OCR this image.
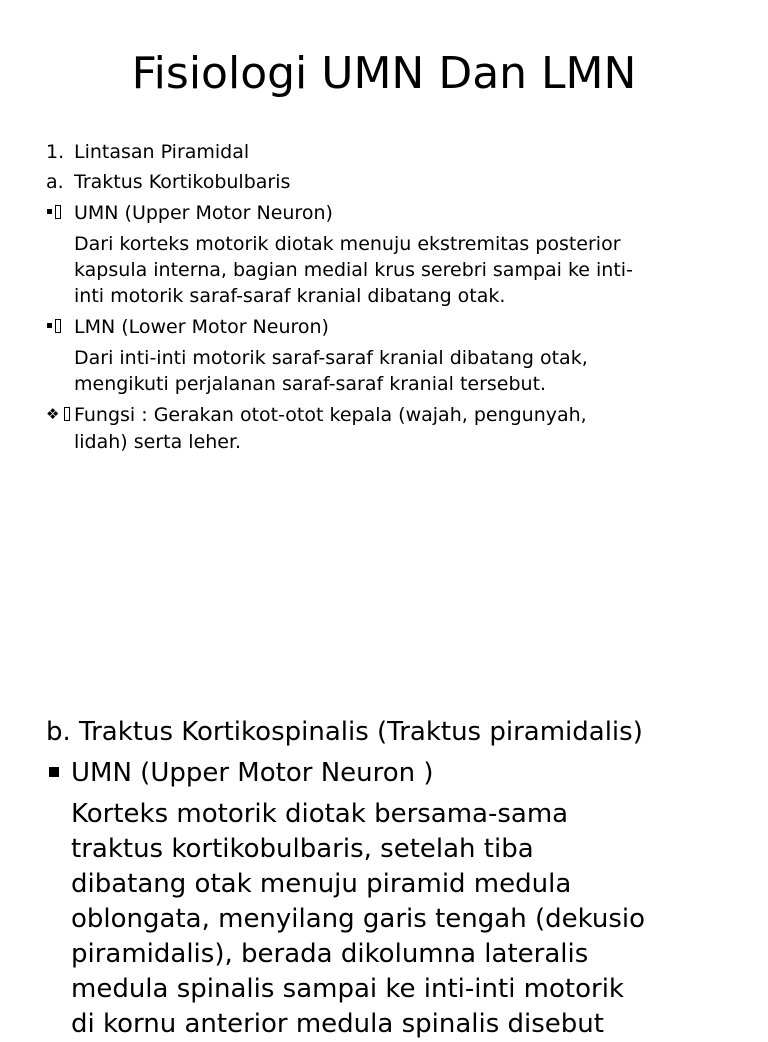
Fisiologi UMN Dan LMN
1. Lintasan Piramidal
a. Traktus Kortikobulbaris
UMN (Upper Motor Neuron)
Dari korteks motorik diotak menuju ekstremitas posterior
kapsula interna, bagian medial krus serebri sampai ke inti-
inti motorik saraf-saraf kranial dibatang otak.
LMN (Lower Motor Neuron)
Dari inti-inti motorik saraf-saraf kranial dibatang otak,
mengikuti perjalanan saraf-saraf kranial tersebut.
❖ Fungsi : Gerakan otot-otot kepala (wajah, pengunyah,
lidah) serta leher.
b. Traktus Kortikospinalis (Traktus piramidalis)
UMN (Upper Motor Neuron )
Korteks motorik diotak bersama-sama
traktus kortikobulbaris, setelah tiba
dibatang otak menuju piramid medula
oblongata, menyilang garis tengah (dekusio
piramidalis), berada dikolumna lateralis
medula spinalis sampai ke inti-inti motorik
di kornu anterior medula spinalis disebut
